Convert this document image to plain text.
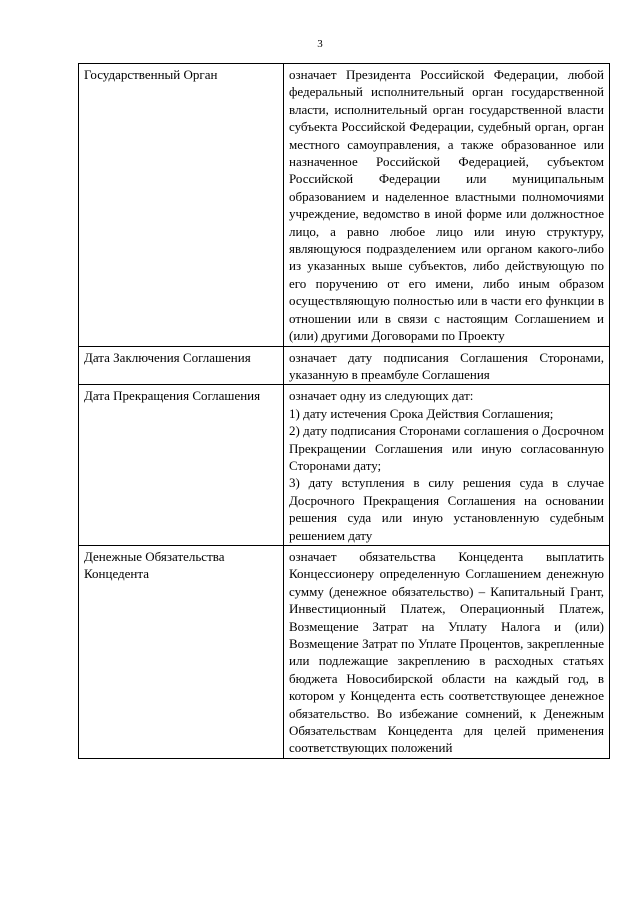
3
Государственный Орган	означает Президента Российской Федерации, любой федеральный исполнительный орган государственной власти, исполнительный орган государственной власти субъекта Российской Федерации, судебный орган, орган местного самоуправления, а также образованное или назначенное Российской Федерацией, субъектом Российской Федерации или муниципальным образованием и наделенное властными полномочиями учреждение, ведомство в иной форме или должностное лицо, а равно любое лицо или иную структуру, являющуюся подразделением или органом какого-либо из указанных выше субъектов, либо действующую по его поручению от его имени, либо иным образом осуществляющую полностью или в части его функции в отношении или в связи с настоящим Соглашением и (или) другими Договорами по Проекту

Дата Заключения Соглашения	означает дату подписания Соглашения Сторонами, указанную в преамбуле Соглашения

Дата Прекращения Соглашения	означает одну из следующих дат:
1) дату истечения Срока Действия Соглашения;
2) дату подписания Сторонами соглашения о Досрочном Прекращении Соглашения или иную согласованную Сторонами дату;
3) дату вступления в силу решения суда в случае Досрочного Прекращения Соглашения на основании решения суда или иную установленную судебным решением дату

Денежные Обязательства Концедента	означает обязательства Концедента выплатить Концессионеру определенную Соглашением денежную сумму (денежное обязательство) – Капитальный Грант, Инвестиционный Платеж, Операционный Платеж, Возмещение Затрат на Уплату Налога и (или) Возмещение Затрат по Уплате Процентов, закрепленные или подлежащие закреплению в расходных статьях бюджета Новосибирской области на каждый год, в котором у Концедента есть соответствующее денежное обязательство. Во избежание сомнений, к Денежным Обязательствам Концедента для целей применения соответствующих положений
